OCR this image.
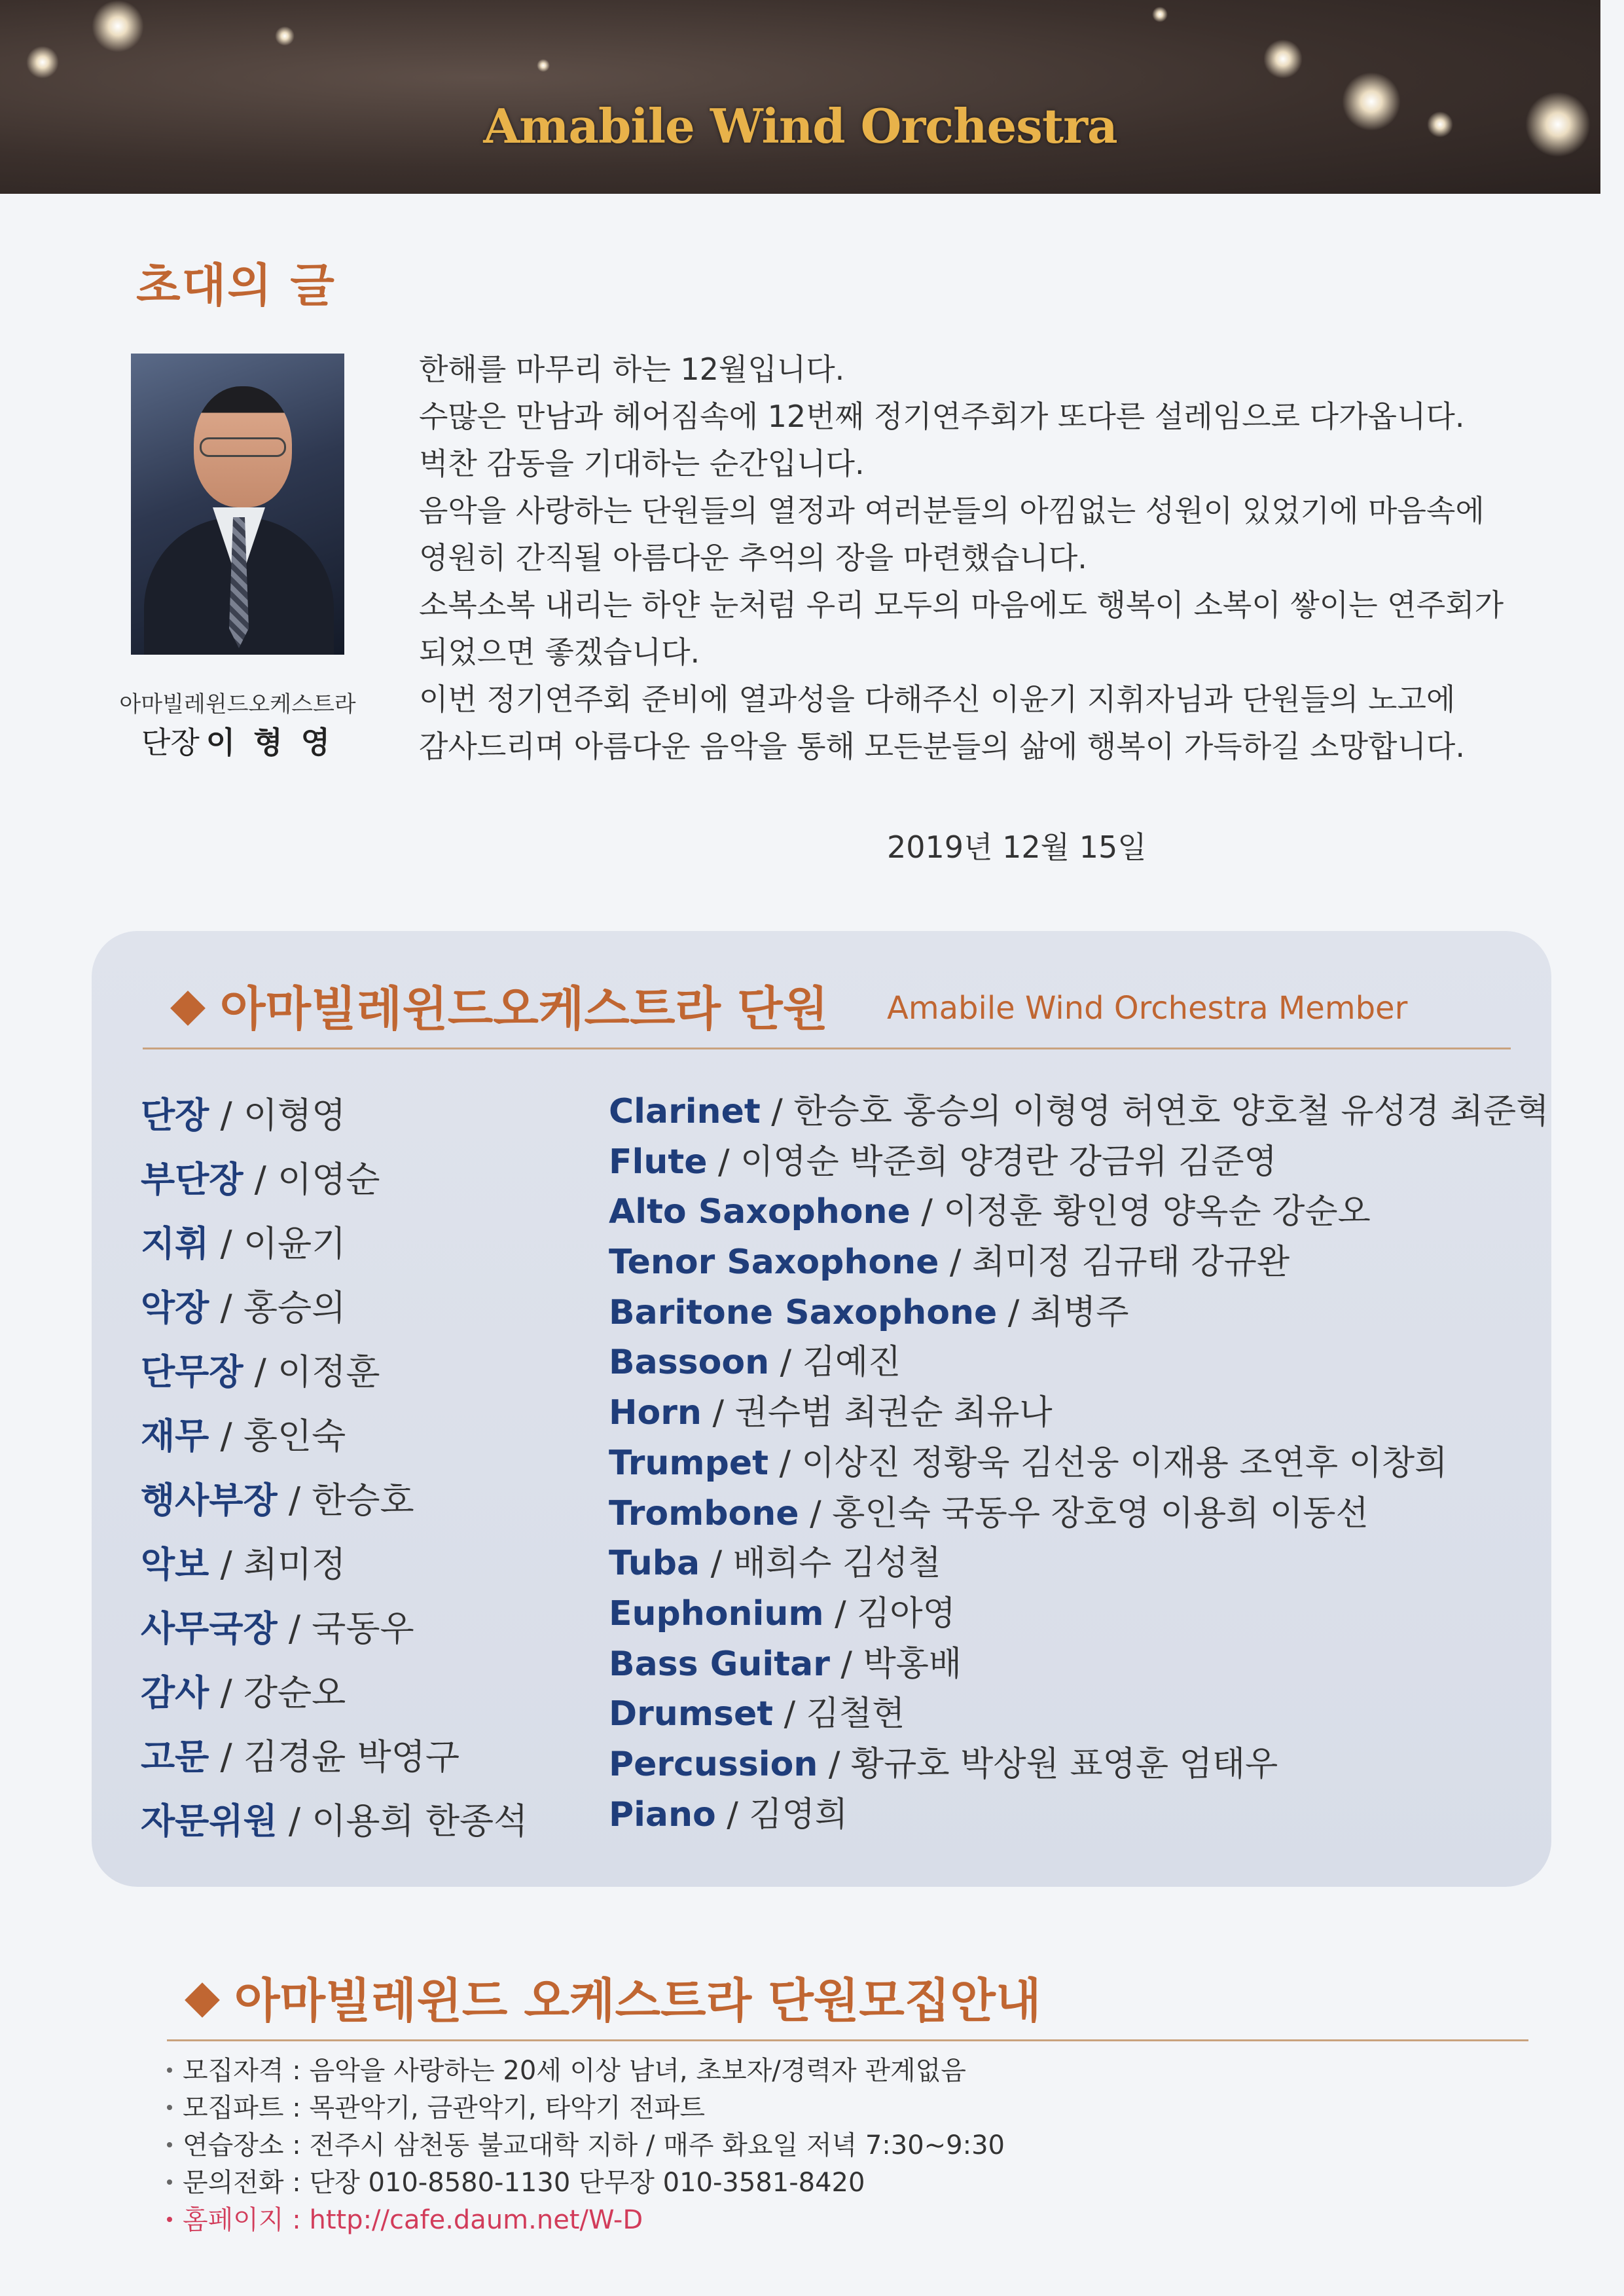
Amabile Wind Orchestra
초대의 글
아마빌레윈드오케스트라
단장 이 형 영

한해를 마무리 하는 12월입니다.

수많은 만남과 헤어짐속에 12번째 정기연주회가 또다른 설레임으로 다가옵니다.

벅찬 감동을 기대하는 순간입니다.

음악을 사랑하는 단원들의 열정과 여러분들의 아낌없는 성원이 있었기에 마음속에

영원히 간직될 아름다운 추억의 장을 마련했습니다.

소복소복 내리는 하얀 눈처럼 우리 모두의 마음에도 행복이 소복이 쌓이는 연주회가

되었으면 좋겠습니다.

이번 정기연주회 준비에 열과성을 다해주신 이윤기 지휘자님과 단원들의 노고에

감사드리며 아름다운 음악을 통해 모든분들의 삶에 행복이 가득하길 소망합니다.

2019년 12월 15일
아마빌레윈드오케스트라 단원 Amabile Wind Orchestra Member
단장 / 이형영
부단장 / 이영순
지휘 / 이윤기
악장 / 홍승의
단무장 / 이정훈
재무 / 홍인숙
행사부장 / 한승호
악보 / 최미정
사무국장 / 국동우
감사 / 강순오
고문 / 김경윤 박영구
자문위원 / 이용희 한종석
Clarinet / 한승호 홍승의 이형영 허연호 양호철 유성경 최준혁
Flute / 이영순 박준희 양경란 강금위 김준영
Alto Saxophone / 이정훈 황인영 양옥순 강순오
Tenor Saxophone / 최미정 김규태 강규완
Baritone Saxophone / 최병주
Bassoon / 김예진
Horn / 권수범 최권순 최유나
Trumpet / 이상진 정황욱 김선웅 이재용 조연후 이창희
Trombone / 홍인숙 국동우 장호영 이용희 이동선
Tuba / 배희수 김성철
Euphonium / 김아영
Bass Guitar / 박홍배
Drumset / 김철현
Percussion / 황규호 박상원 표영훈 엄태우
Piano / 김영희
아마빌레윈드 오케스트라 단원모집안내
모집자격 : 음악을 사랑하는 20세 이상 남녀, 초보자/경력자 관계없음
모집파트 : 목관악기, 금관악기, 타악기 전파트
연습장소 : 전주시 삼천동 불교대학 지하 / 매주 화요일 저녁 7:30~9:30
문의전화 : 단장 010-8580-1130 단무장 010-3581-8420
홈페이지 : http://cafe.daum.net/W-D
